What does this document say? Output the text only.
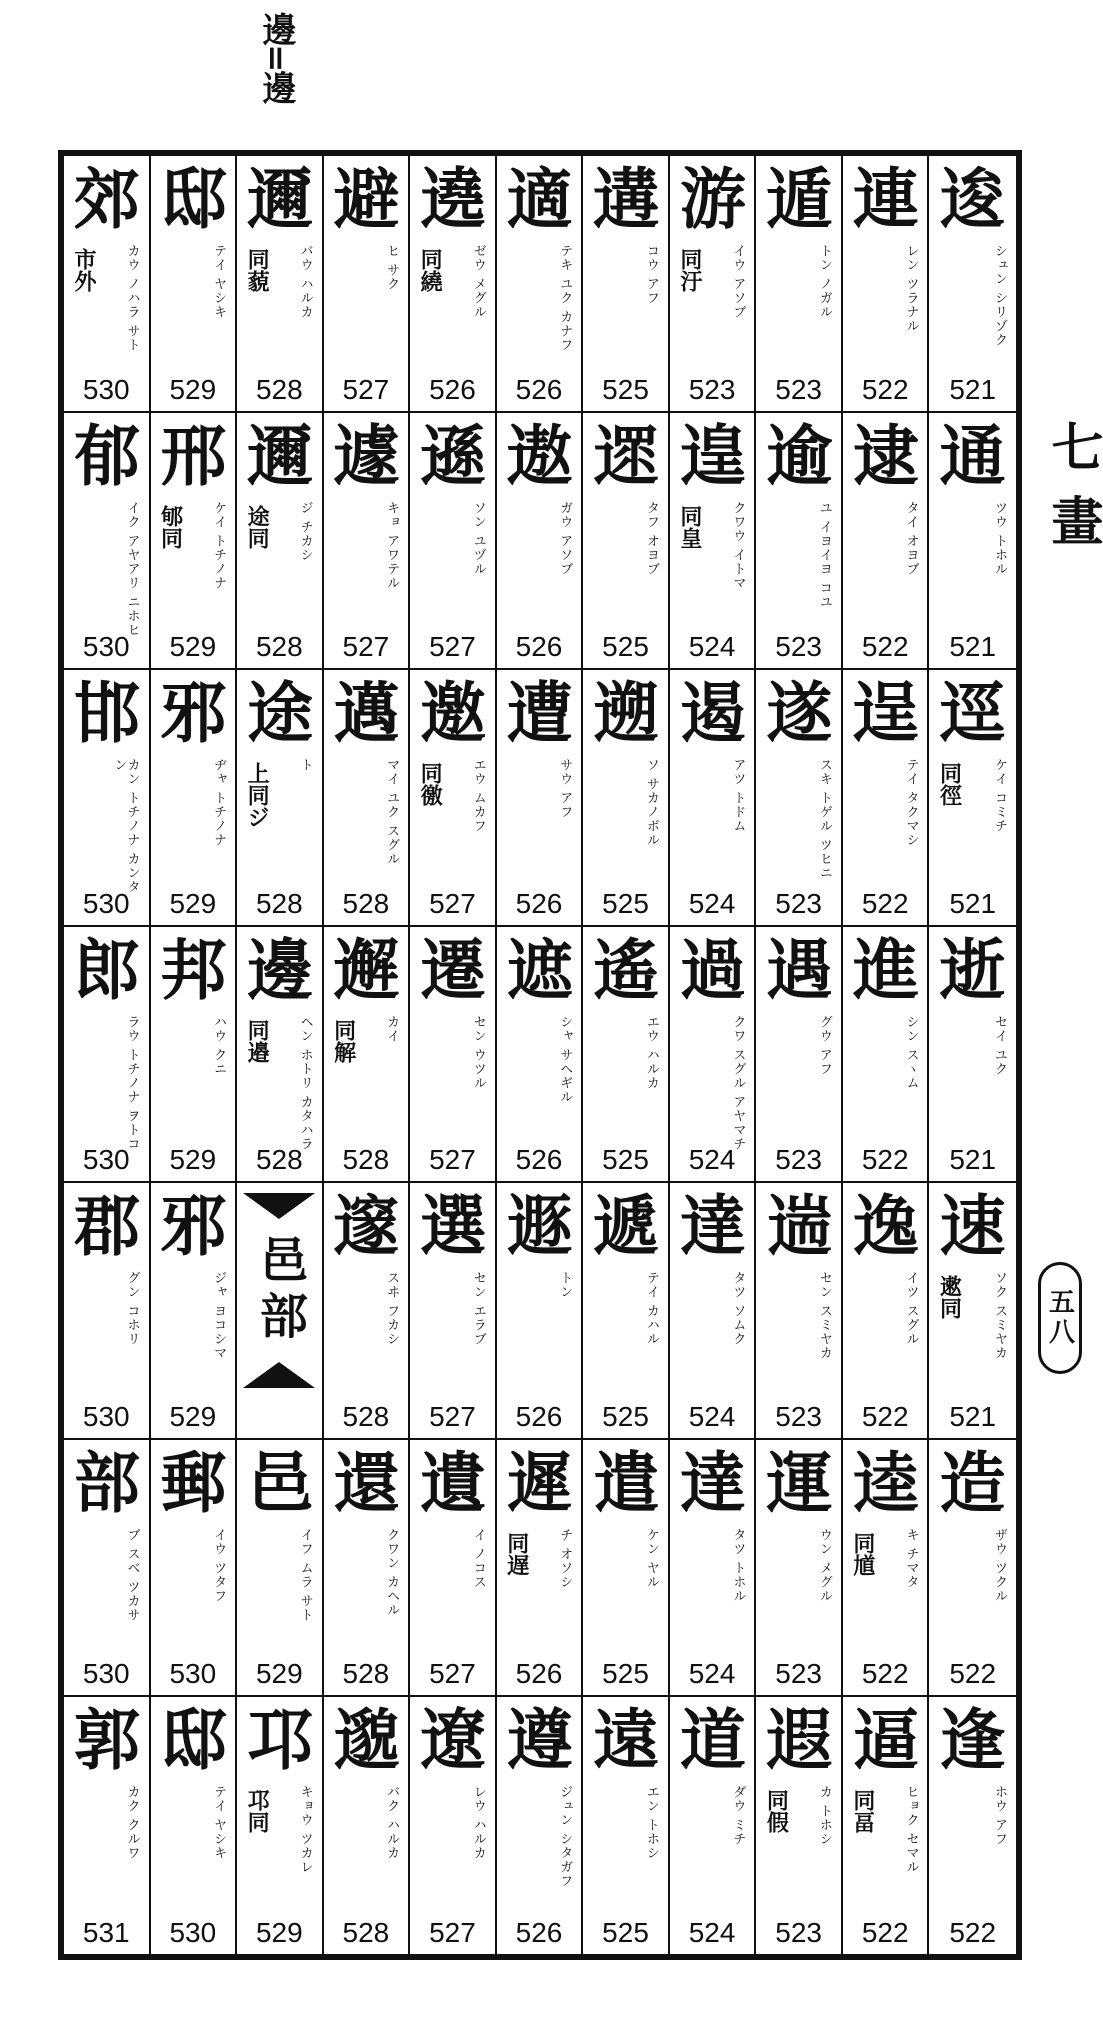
邊=邊
七畫
五八
郊
市外 カウ ノハラ サト
530
邸
テイ ヤシキ
529
邇
同藐 バウ ハルカ
528
避
ヒ サク
527
遶
同繞 ゼウ メグル
526
適
テキ ユク カナフ
526
遘
コウ アフ
525
游
同汙 イウ アソブ
523
遁
トン ノガル
523
連
レン ツラナル
522
逡
シュン シリゾク
521
郁
イク アヤアリ ニホヒ
530
邢
郇同 ケイ トチノナ
529
邇
途同 ジ チカシ
528
遽
キョ アワテル
527
遜
ソン ユヅル
527
遨
ガウ アソブ
526
遝
タフ オヨブ
525
遑
同皇 クワウ イトマ
524
逾
ユ イヨイヨ コユ
523
逮
タイ オヨブ
522
通
ツウ トホル
521
邯
カン トチノナ カンタン
530
邪
ヂャ トチノナ
529
途
上同ジ ト
528
邁
マイ ユク スグル
528
邀
同徼 エウ ムカフ
527
遭
サウ アフ
526
遡
ソ サカノボル
525
遏
アツ トドム
524
遂
スキ トゲル ツヒニ
523
逞
テイ タクマシ
522
逕
同徑 ケイ コミチ
521
郎
ラウ トチノナ ヲトコ
530
邦
ハウ クニ
529
邊
同邉 ヘン ホトリ カタハラ
528
邂
同解 カイ
528
遷
セン ウツル
527
遮
シャ サヘギル
526
遙
エウ ハルカ
525
過
クワ スグル アヤマチ
524
遇
グウ アフ
523
進
シン スヽム
522
逝
セイ ユク
521
郡
グン コホリ
530
邪
ジャ ヨコシマ
529
邑部
邃
スヰ フカシ
528
選
セン エラブ
527
遯
トン
526
遞
テイ カハル
525
達
タツ ソムク
524
遄
セン スミヤカ
523
逸
イツ スグル
522
速
遬同 ソク スミヤカ
521
部
ブ スベ ツカサ
530
郵
イウ ツタフ
530
邑
イフ ムラ サト
529
還
クワン カヘル
528
遺
イ ノコス
527
遲
同遅 チ オソシ
526
遣
ケン ヤル
525
達
タツ トホル
524
運
ウン メグル
523
逵
同馗 キ チマタ
522
造
ザウ ツクル
522
郭
カク クルワ
531
邸
テイ ヤシキ
530
邛
邛同 キョウ ツカレ
529
邈
バク ハルカ
528
遼
レウ ハルカ
527
遵
ジュン シタガフ
526
遠
エン トホシ
525
道
ダウ ミチ
524
遐
同假 カ トホシ
523
逼
同畐 ヒョク セマル
522
逢
ホウ アフ
522
